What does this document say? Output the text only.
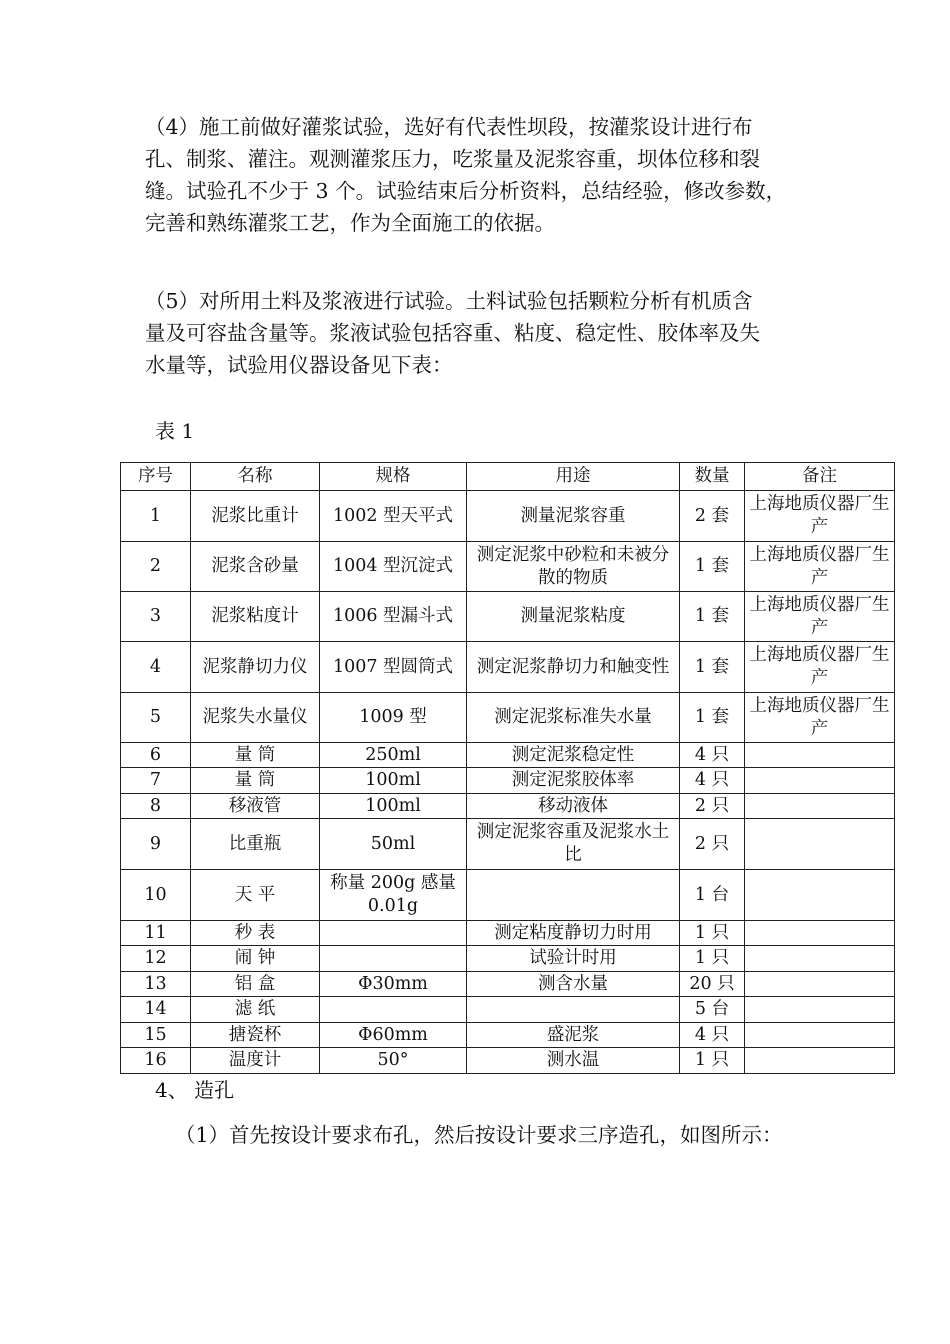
（4）施工前做好灌浆试验，选好有代表性坝段，按灌浆设计进行布
孔、制浆、灌注。观测灌浆压力，吃浆量及泥浆容重，坝体位移和裂
缝。试验孔不少于 3 个。试验结束后分析资料，总结经验，修改参数，
完善和熟练灌浆工艺，作为全面施工的依据。
（5）对所用土料及浆液进行试验。土料试验包括颗粒分析有机质含
量及可容盐含量等。浆液试验包括容重、粘度、稳定性、胶体率及失
水量等，试验用仪器设备见下表：
表 1
序号	名称	规格	用途	数量	备注
1	泥浆比重计	1002 型天平式	测量泥浆容重	2 套	上海地质仪器厂生产
2	泥浆含砂量	1004 型沉淀式	测定泥浆中砂粒和未被分散的物质	1 套	上海地质仪器厂生产
3	泥浆粘度计	1006 型漏斗式	测量泥浆粘度	1 套	上海地质仪器厂生产
4	泥浆静切力仪	1007 型圆筒式	测定泥浆静切力和触变性	1 套	上海地质仪器厂生产
5	泥浆失水量仪	1009 型	测定泥浆标准失水量	1 套	上海地质仪器厂生产
6	量 筒	250ml	测定泥浆稳定性	4 只	
7	量 筒	100ml	测定泥浆胶体率	4 只	
8	移液管	100ml	移动液体	2 只	
9	比重瓶	50ml	测定泥浆容重及泥浆水土比	2 只	
10	天 平	称量 200g 感量0.01g		1 台	
11	秒 表		测定粘度静切力时用	1 只	
12	闹 钟		试验计时用	1 只	
13	铝 盒	Φ30mm	测含水量	20 只	
14	滤 纸			5 台	
15	搪瓷杯	Φ60mm	盛泥浆	4 只	
16	温度计	50°	测水温	1 只	
4、 造孔
（1）首先按设计要求布孔，然后按设计要求三序造孔，如图所示：
